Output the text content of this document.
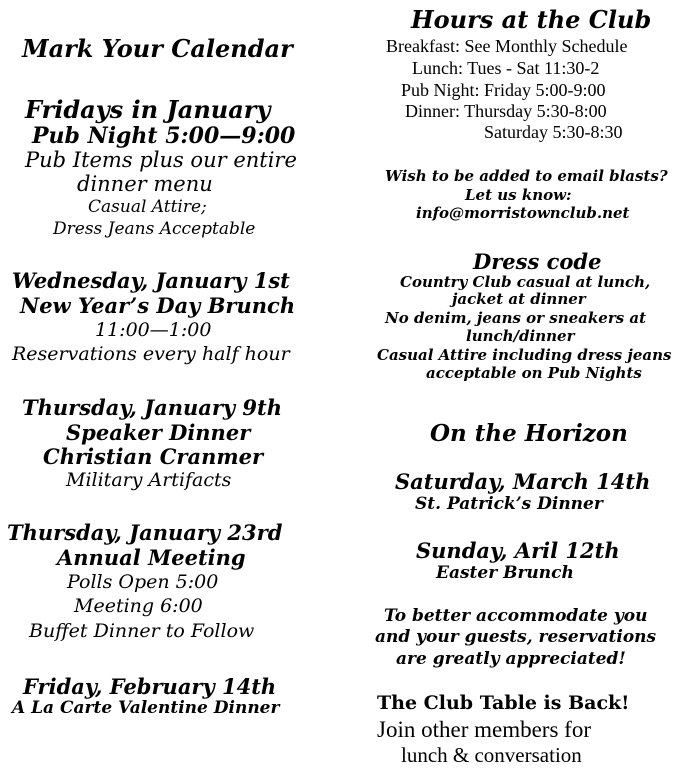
Mark Your Calendar
Fridays in January
Pub Night 5:00—9:00
Pub Items plus our entire
dinner menu
Casual Attire;
Dress Jeans Acceptable
Wednesday, January 1st
New Year’s Day Brunch
11:00—1:00
Reservations every half hour
Thursday, January 9th
Speaker Dinner
Christian Cranmer
Military Artifacts
Thursday, January 23rd
Annual Meeting
Polls Open 5:00
Meeting 6:00
Buffet Dinner to Follow
Friday, February 14th
A La Carte Valentine Dinner
Hours at the Club
Breakfast: See Monthly Schedule
Lunch: Tues - Sat 11:30-2
Pub Night: Friday 5:00-9:00
Dinner: Thursday 5:30-8:00
Saturday 5:30-8:30
Wish to be added to email blasts?
Let us know:
info@morristownclub.net
Dress code
Country Club casual at lunch,
jacket at dinner
No denim, jeans or sneakers at
lunch/dinner
Casual Attire including dress jeans
acceptable on Pub Nights
On the Horizon
Saturday, March 14th
St. Patrick’s Dinner
Sunday, Aril 12th
Easter Brunch
To better accommodate you
and your guests, reservations
are greatly appreciated!
The Club Table is Back!
Join other members for
lunch & conversation
